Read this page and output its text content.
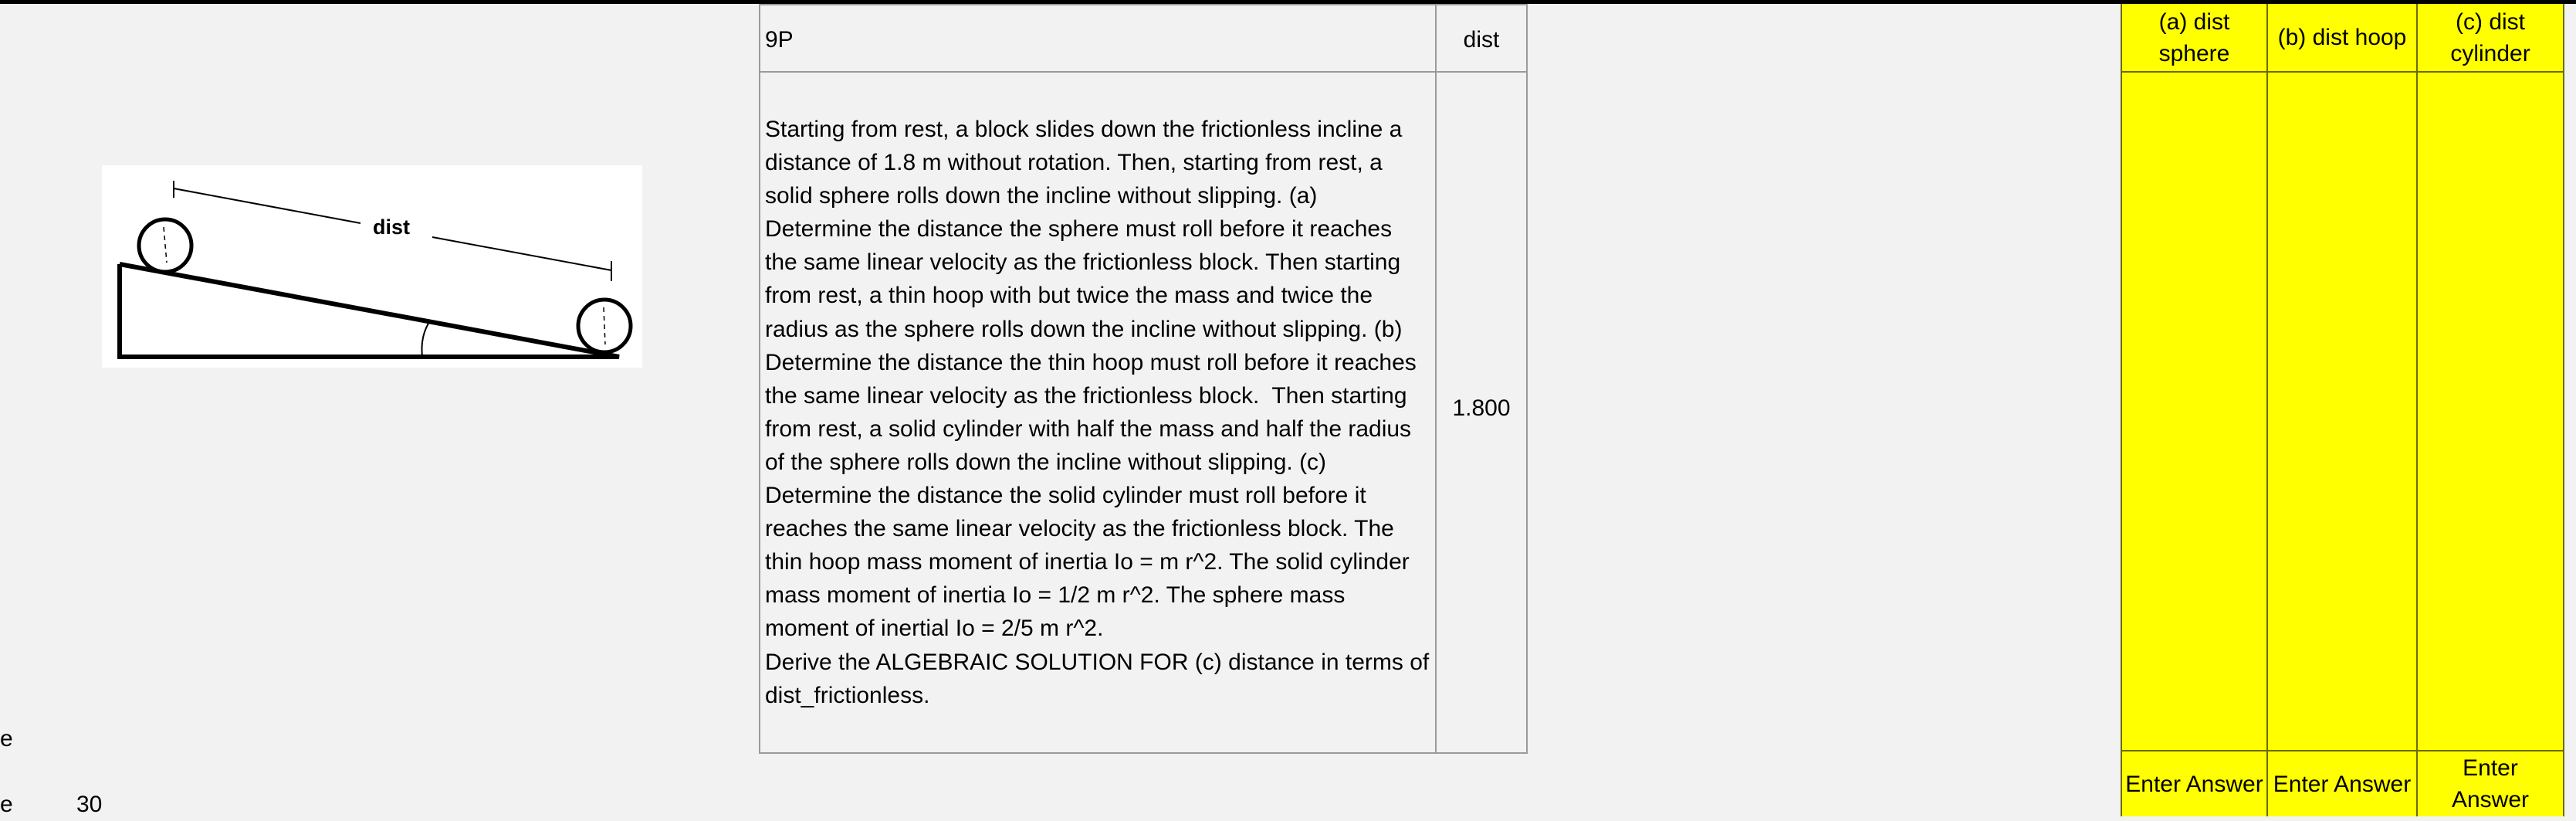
e
e	30
dist
9P	dist
Starting from rest, a block slides down the frictionless incline a
distance of 1.8 m without rotation. Then, starting from rest, a
solid sphere rolls down the incline without slipping. (a)
Determine the distance the sphere must roll before it reaches
the same linear velocity as the frictionless block. Then starting
from rest, a thin hoop with but twice the mass and twice the
radius as the sphere rolls down the incline without slipping. (b)
Determine the distance the thin hoop must roll before it reaches
the same linear velocity as the frictionless block.  Then starting
from rest, a solid cylinder with half the mass and half the radius
of the sphere rolls down the incline without slipping. (c)
Determine the distance the solid cylinder must roll before it
reaches the same linear velocity as the frictionless block. The
thin hoop mass moment of inertia Io = m r^2. The solid cylinder
mass moment of inertia Io = 1/2 m r^2. The sphere mass
moment of inertial Io = 2/5 m r^2.
Derive the ALGEBRAIC SOLUTION FOR (c) distance in terms of
dist_frictionless.
1.800
(a) dist
sphere
(b) dist hoop
(c) dist
cylinder
Enter Answer Enter Answer
Enter
Answer
